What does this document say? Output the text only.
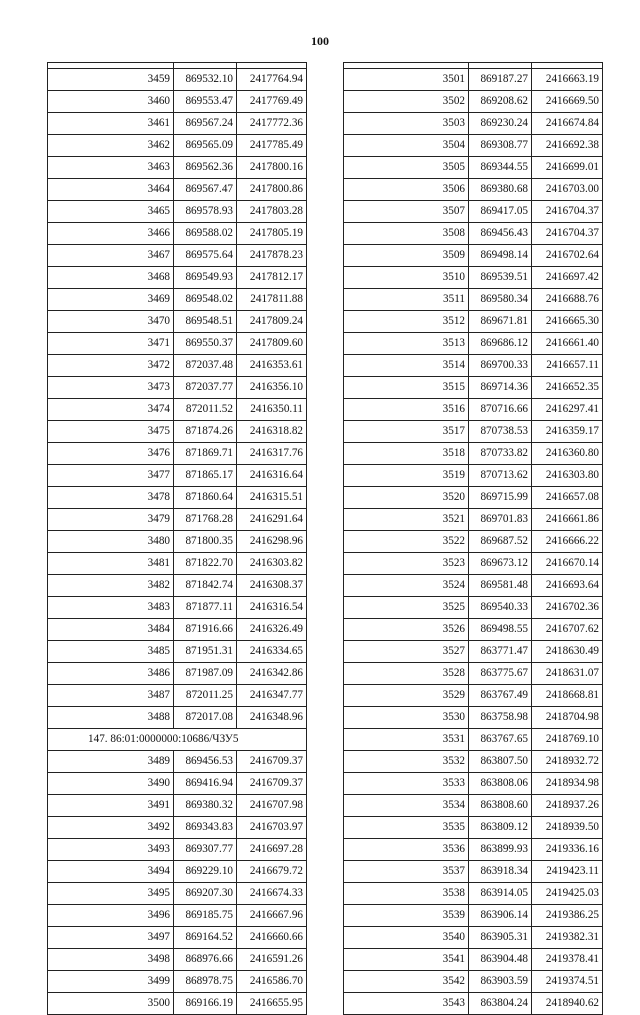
100

3459	869532.10	2417764.94
3460	869553.47	2417769.49
3461	869567.24	2417772.36
3462	869565.09	2417785.49
3463	869562.36	2417800.16
3464	869567.47	2417800.86
3465	869578.93	2417803.28
3466	869588.02	2417805.19
3467	869575.64	2417878.23
3468	869549.93	2417812.17
3469	869548.02	2417811.88
3470	869548.51	2417809.24
3471	869550.37	2417809.60
3472	872037.48	2416353.61
3473	872037.77	2416356.10
3474	872011.52	2416350.11
3475	871874.26	2416318.82
3476	871869.71	2416317.76
3477	871865.17	2416316.64
3478	871860.64	2416315.51
3479	871768.28	2416291.64
3480	871800.35	2416298.96
3481	871822.70	2416303.82
3482	871842.74	2416308.37
3483	871877.11	2416316.54
3484	871916.66	2416326.49
3485	871951.31	2416334.65
3486	871987.09	2416342.86
3487	872011.25	2416347.77
3488	872017.08	2416348.96
147. 86:01:0000000:10686/ЧЗУ5		
3489	869456.53	2416709.37
3490	869416.94	2416709.37
3491	869380.32	2416707.98
3492	869343.83	2416703.97
3493	869307.77	2416697.28
3494	869229.10	2416679.72
3495	869207.30	2416674.33
3496	869185.75	2416667.96
3497	869164.52	2416660.66
3498	868976.66	2416591.26
3499	868978.75	2416586.70
3500	869166.19	2416655.95

3501	869187.27	2416663.19
3502	869208.62	2416669.50
3503	869230.24	2416674.84
3504	869308.77	2416692.38
3505	869344.55	2416699.01
3506	869380.68	2416703.00
3507	869417.05	2416704.37
3508	869456.43	2416704.37
3509	869498.14	2416702.64
3510	869539.51	2416697.42
3511	869580.34	2416688.76
3512	869671.81	2416665.30
3513	869686.12	2416661.40
3514	869700.33	2416657.11
3515	869714.36	2416652.35
3516	870716.66	2416297.41
3517	870738.53	2416359.17
3518	870733.82	2416360.80
3519	870713.62	2416303.80
3520	869715.99	2416657.08
3521	869701.83	2416661.86
3522	869687.52	2416666.22
3523	869673.12	2416670.14
3524	869581.48	2416693.64
3525	869540.33	2416702.36
3526	869498.55	2416707.62
3527	863771.47	2418630.49
3528	863775.67	2418631.07
3529	863767.49	2418668.81
3530	863758.98	2418704.98
3531	863767.65	2418769.10
3532	863807.50	2418932.72
3533	863808.06	2418934.98
3534	863808.60	2418937.26
3535	863809.12	2418939.50
3536	863899.93	2419336.16
3537	863918.34	2419423.11
3538	863914.05	2419425.03
3539	863906.14	2419386.25
3540	863905.31	2419382.31
3541	863904.48	2419378.41
3542	863903.59	2419374.51
3543	863804.24	2418940.62
